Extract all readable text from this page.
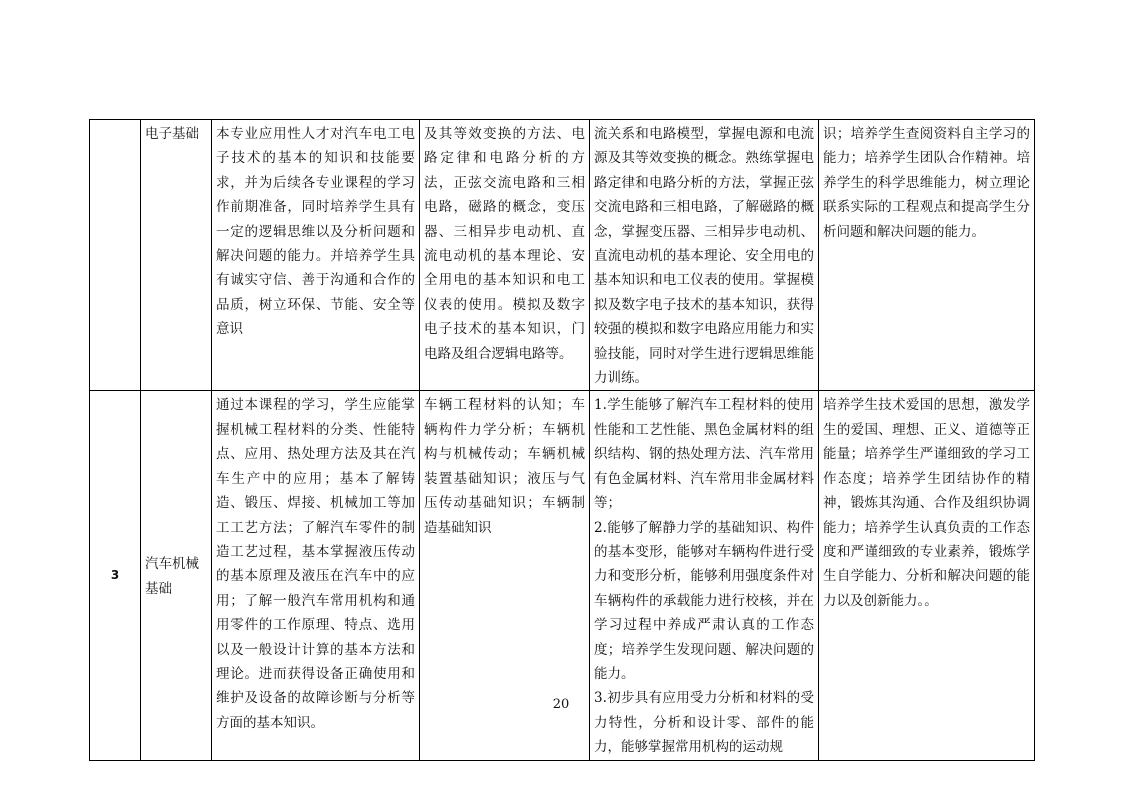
	电子基础	本专业应用性人才对汽车电工电子技术的基本的知识和技能要求，并为后续各专业课程的学习作前期准备，同时培养学生具有一定的逻辑思维以及分析问题和解决问题的能力。并培养学生具有诚实守信、善于沟通和合作的品质，树立环保、节能、安全等意识	及其等效变换的方法、电路定律和电路分析的方法，正弦交流电路和三相电路，磁路的概念，变压器、三相异步电动机、直流电动机的基本理论、安全用电的基本知识和电工仪表的使用。模拟及数字电子技术的基本知识，门电路及组合逻辑电路等。	流关系和电路模型，掌握电源和电流源及其等效变换的概念。熟练掌握电路定律和电路分析的方法，掌握正弦交流电路和三相电路，了解磁路的概念，掌握变压器、三相异步电动机、直流电动机的基本理论、安全用电的基本知识和电工仪表的使用。掌握模拟及数字电子技术的基本知识，获得较强的模拟和数字电路应用能力和实验技能，同时对学生进行逻辑思维能力训练。	识；培养学生查阅资料自主学习的能力；培养学生团队合作精神。培养学生的科学思维能力，树立理论联系实际的工程观点和提高学生分析问题和解决问题的能力。

3	汽车机械基础	通过本课程的学习，学生应能掌握机械工程材料的分类、性能特点、应用、热处理方法及其在汽车生产中的应用；基本了解铸造、锻压、焊接、机械加工等加工工艺方法；了解汽车零件的制造工艺过程，基本掌握液压传动的基本原理及液压在汽车中的应用；了解一般汽车常用机构和通用零件的工作原理、特点、选用以及一般设计计算的基本方法和理论。进而获得设备正确使用和维护及设备的故障诊断与分析等方面的基本知识。	车辆工程材料的认知；车辆构件力学分析；车辆机构与机械传动；车辆机械装置基础知识；液压与气压传动基础知识；车辆制造基础知识	1.学生能够了解汽车工程材料的使用性能和工艺性能、黑色金属材料的组织结构、钢的热处理方法、汽车常用有色金属材料、汽车常用非金属材料等；
2.能够了解静力学的基础知识、构件的基本变形，能够对车辆构件进行受力和变形分析，能够利用强度条件对车辆构件的承载能力进行校核，并在学习过程中养成严肃认真的工作态度；培养学生发现问题、解决问题的能力。
3.初步具有应用受力分析和材料的受力特性，分析和设计零、部件的能力，能够掌握常用机构的运动规	培养学生技术爱国的思想，激发学生的爱国、理想、正义、道德等正能量；培养学生严谨细致的学习工作态度；培养学生团结协作的精神，锻炼其沟通、合作及组织协调能力；培养学生认真负责的工作态度和严谨细致的专业素养，锻炼学生自学能力、分析和解决问题的能力以及创新能力。。
20
